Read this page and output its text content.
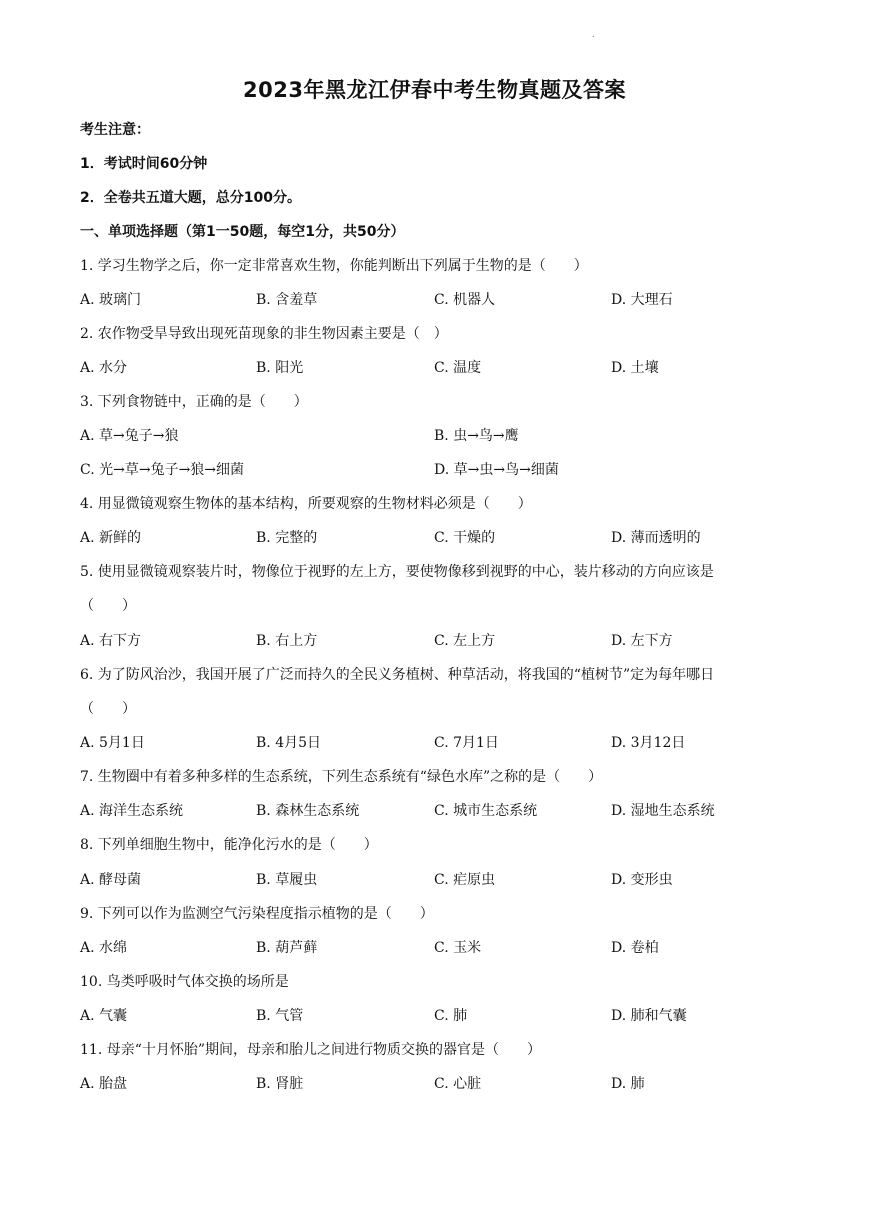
.
2023年黑龙江伊春中考生物真题及答案
考生注意：
1．考试时间60分钟
2．全卷共五道大题，总分100分。
一、单项选择题（第1一50题，每空1分，共50分）
1. 学习生物学之后，你一定非常喜欢生物，你能判断出下列属于生物的是（　　）
A. 玻璃门	B. 含羞草	C. 机器人	D. 大理石
2. 农作物受旱导致出现死苗现象的非生物因素主要是（　）
A. 水分	B. 阳光	C. 温度	D. 土壤
3. 下列食物链中，正确的是（　　）
A. 草→兔子→狼	B. 虫→鸟→鹰
C. 光→草→兔子→狼→细菌	D. 草→虫→鸟→细菌
4. 用显微镜观察生物体的基本结构，所要观察的生物材料必须是（　　）
A. 新鲜的	B. 完整的	C. 干燥的	D. 薄而透明的
5. 使用显微镜观察装片时，物像位于视野的左上方，要使物像移到视野的中心，装片移动的方向应该是
（　　）
A. 右下方	B. 右上方	C. 左上方	D. 左下方
6. 为了防风治沙，我国开展了广泛而持久的全民义务植树、种草活动，将我国的“植树节”定为每年哪日
（　　）
A. 5月1日	B. 4月5日	C. 7月1日	D. 3月12日
7. 生物圈中有着多种多样的生态系统，下列生态系统有“绿色水库”之称的是（　　）
A. 海洋生态系统	B. 森林生态系统	C. 城市生态系统	D. 湿地生态系统
8. 下列单细胞生物中，能净化污水的是（　　）
A. 酵母菌	B. 草履虫	C. 疟原虫	D. 变形虫
9. 下列可以作为监测空气污染程度指示植物的是（　　）
A. 水绵	B. 葫芦藓	C. 玉米	D. 卷柏
10. 鸟类呼吸时气体交换的场所是
A. 气囊	B. 气管	C. 肺	D. 肺和气囊
11. 母亲“十月怀胎”期间，母亲和胎儿之间进行物质交换的器官是（　　）
A. 胎盘	B. 肾脏	C. 心脏	D. 肺
